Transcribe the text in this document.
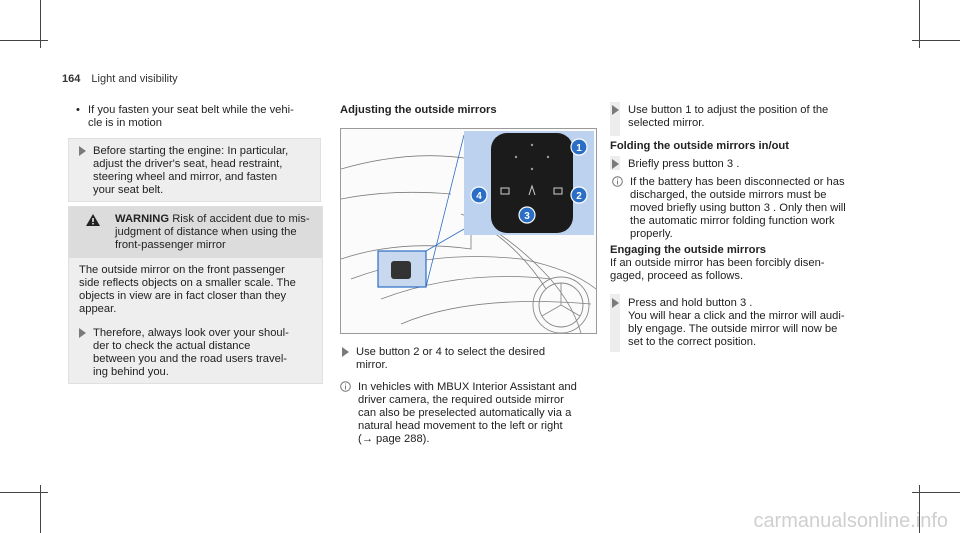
164 Light and visibility
• If you fasten your seat belt while the vehi-
cle is in motion
Before starting the engine: In particular,
adjust the driver's seat, head restraint,
steering wheel and mirror, and fasten
your seat belt.
WARNING Risk of accident due to mis-
judgment of distance when using the
front-passenger mirror
The outside mirror on the front passenger
side reflects objects on a smaller scale. The
objects in view are in fact closer than they
appear.
Therefore, always look over your shoul-
der to check the actual distance
between you and the road users travel-
ing behind you.
Adjusting the outside mirrors
1
2
3
4
Use button 2 or 4 to select the desired
mirror.
In vehicles with MBUX Interior Assistant and
driver camera, the required outside mirror
can also be preselected automatically via a
natural head movement to the left or right
(→ page 288).
Use button 1 to adjust the position of the
selected mirror.
Folding the outside mirrors in/out
Briefly press button 3 .
If the battery has been disconnected or has
discharged, the outside mirrors must be
moved briefly using button 3 . Only then will
the automatic mirror folding function work
properly.
Engaging the outside mirrors
If an outside mirror has been forcibly disen-
gaged, proceed as follows.
Press and hold button 3 .
You will hear a click and the mirror will audi-
bly engage. The outside mirror will now be
set to the correct position.
carmanualsonline.info
